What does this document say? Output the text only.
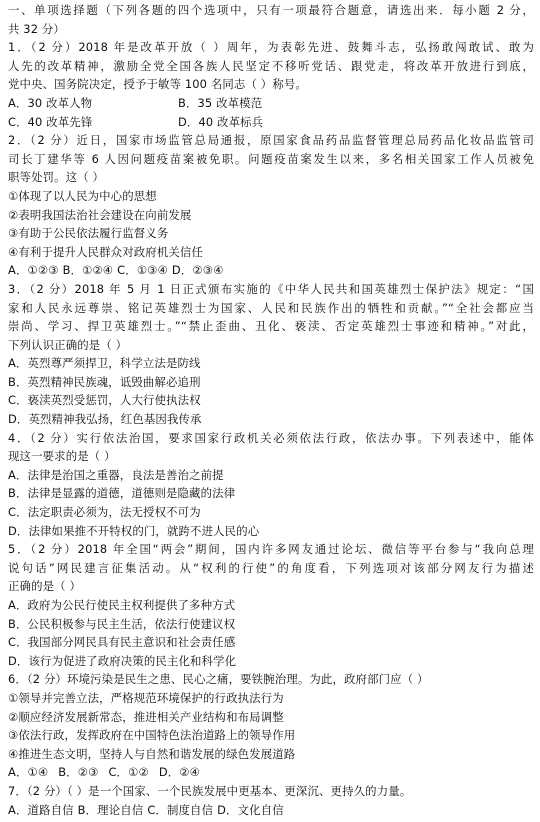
一、单项选择题（下列各题的四个选项中，只有一项最符合题意，请选出来．每小题 2 分，
共 32 分）
1．（2 分）2018 年是改革开放（ ）周年，为表彰先进、鼓舞斗志，弘扬敢闯敢试、敢为
人先的改革精神，激励全党全国各族人民坚定不移听党话、跟党走，将改革开放进行到底，
党中央、国务院决定，授予于敏等 100 名同志（ ）称号。
A．30 改革人物	B．35 改革模范
C．40 改革先锋	D．40 改革标兵
2．（2 分）近日，国家市场监管总局通报，原国家食品药品监督管理总局药品化妆品监管司
司长丁建华等 6 人因问题疫苗案被免职。问题疫苗案发生以来，多名相关国家工作人员被免
职等处罚。这（ ）
①体现了以人民为中心的思想
②表明我国法治社会建设在向前发展
③有助于公民依法履行监督义务
④有利于提升人民群众对政府机关信任
A．①②③ B．①②④ C．①③④ D．②③④
3．（2 分）2018 年 5 月 1 日正式颁布实施的《中华人民共和国英雄烈士保护法》规定：“国
家和人民永远尊崇、铭记英雄烈士为国家、人民和民族作出的牺牲和贡献。”“全社会都应当
崇尚、学习、捍卫英雄烈士。”“禁止歪曲、丑化、亵渎、否定英雄烈士事迹和精神。”对此，
下列认识正确的是（ ）
A．英烈尊严须捍卫，科学立法是防线
B．英烈精神民族魂，诋毁曲解必追刑
C．亵渎英烈受惩罚，人大行使执法权
D．英烈精神我弘扬，红色基因我传承
4．（2 分）实行依法治国，要求国家行政机关必须依法行政，依法办事。下列表述中，能体
现这一要求的是（ ）
A．法律是治国之重器，良法是善治之前提
B．法律是显露的道德，道德则是隐藏的法律
C．法定职责必须为，法无授权不可为
D．法律如果推不开特权的门，就跨不进人民的心
5．（2 分）2018 年全国“两会”期间，国内许多网友通过论坛、微信等平台参与“我向总理
说句话”网民建言征集活动。从“权利的行使”的角度看，下列选项对该部分网友行为描述
正确的是（ ）
A．政府为公民行使民主权利提供了多种方式
B．公民积极参与民主生活，依法行使建议权
C．我国部分网民具有民主意识和社会责任感
D．该行为促进了政府决策的民主化和科学化
6．（2 分）环境污染是民生之患、民心之痛，要铁腕治理。为此，政府部门应（ ）
①领导并完善立法，严格规范环境保护的行政执法行为
②顺应经济发展新常态，推进相关产业结构和布局调整
③依法行政，发挥政府在中国特色法治道路上的领导作用
④推进生态文明，坚持人与自然和谐发展的绿色发展道路
A．①④ B．②③ C．①② D．②④
7．（2 分）（ ）是一个国家、一个民族发展中更基本、更深沉、更持久的力量。
A．道路自信 B．理论自信 C．制度自信 D．文化自信
